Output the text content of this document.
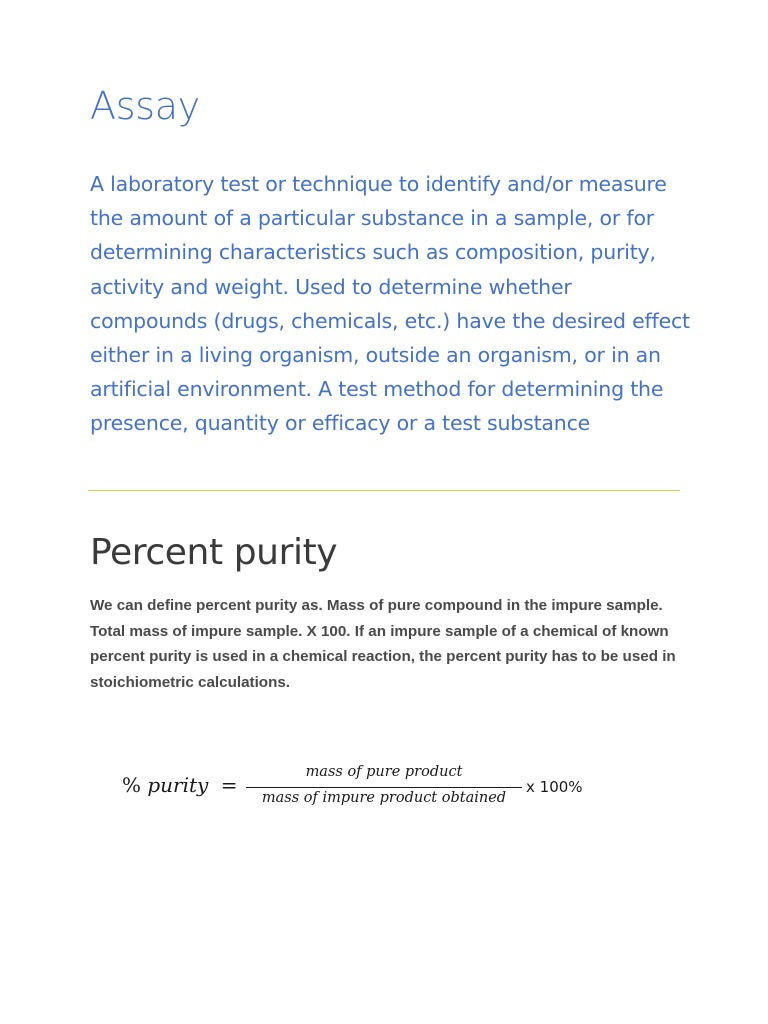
Assay

A laboratory test or technique to identify and/or measure the amount of a particular substance in a sample, or for determining characteristics such as composition, purity, activity and weight. Used to determine whether compounds (drugs, chemicals, etc.) have the desired effect either in a living organism, outside an organism, or in an artificial environment. A test method for determining the presence, quantity or efficacy or a test substance

Percent purity

We can define percent purity as. Mass of pure compound in the impure sample. Total mass of impure sample. X 100. If an impure sample of a chemical of known percent purity is used in a chemical reaction, the percent purity has to be used in stoichiometric calculations.

% purity =
mass of pure product
mass of impure product obtained
x 100%
